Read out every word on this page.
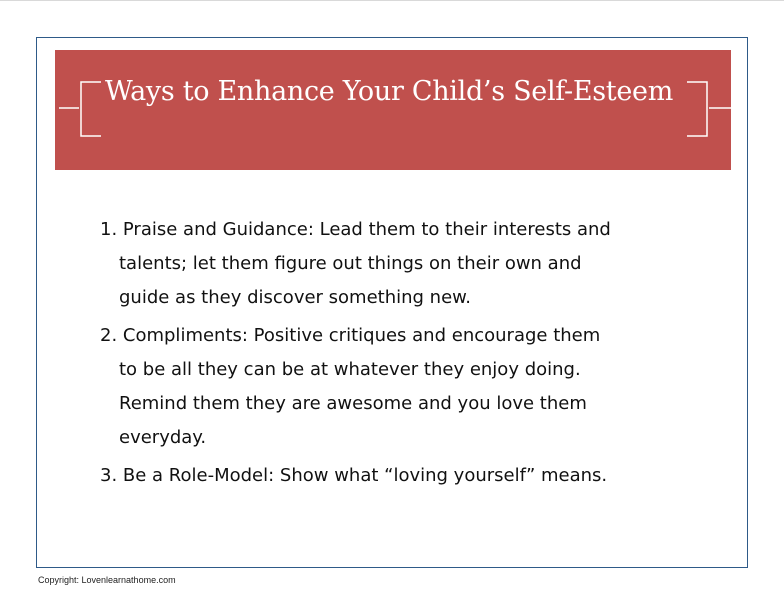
Ways to Enhance Your Child’s Self-Esteem
1. Praise and Guidance: Lead them to their interests and
talents; let them figure out things on their own and
guide as they discover something new.
2. Compliments: Positive critiques and encourage them
to be all they can be at whatever they enjoy doing.
Remind them they are awesome and you love them
everyday.
3. Be a Role-Model: Show what “loving yourself” means.
Copyright: Lovenlearnathome.com
